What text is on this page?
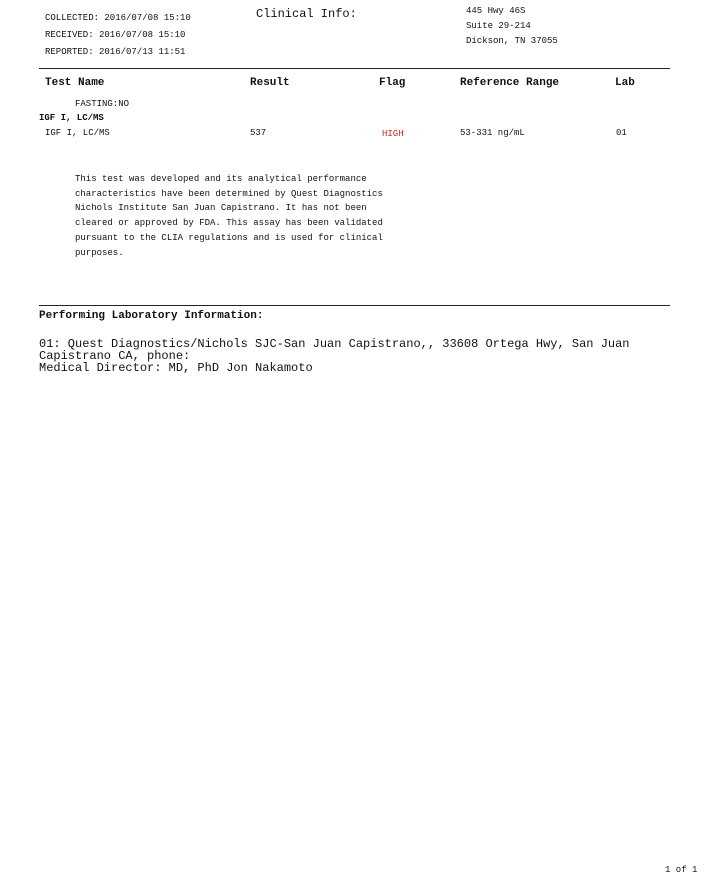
COLLECTED: 2016/07/08 15:10
RECEIVED: 2016/07/08 15:10
REPORTED: 2016/07/13 11:51
Clinical Info:	445 Hwy 46S
Suite 29-214
Dickson, TN 37055
Test Name	Result	Flag	Reference Range	Lab
FASTING:NO
IGF I, LC/MS
IGF I, LC/MS	537	HIGH	53-331 ng/mL	01
This test was developed and its analytical performance
characteristics have been determined by Quest Diagnostics
Nichols Institute San Juan Capistrano. It has not been
cleared or approved by FDA. This assay has been validated
pursuant to the CLIA regulations and is used for clinical
purposes.
Performing Laboratory Information:
01: Quest Diagnostics/Nichols SJC-San Juan Capistrano,, 33608 Ortega Hwy, San Juan
Capistrano CA, phone:
Medical Director: MD, PhD Jon Nakamoto
1 of 1
